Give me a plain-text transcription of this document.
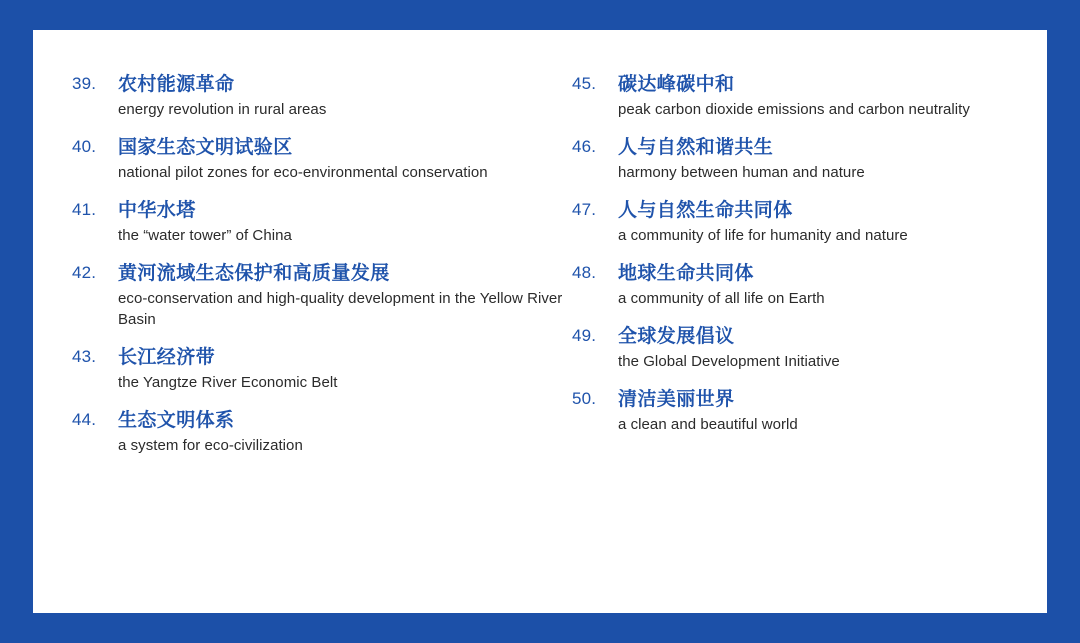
39.	农村能源革命
energy revolution in rural areas
40.	国家生态文明试验区
national pilot zones for eco-environmental conservation
41.	中华水塔
the “water tower” of China
42.	黄河流域生态保护和高质量发展
eco-conservation and high-quality development in the Yellow River Basin
43.	长江经济带
the Yangtze River Economic Belt
44.	生态文明体系
a system for eco-civilization
45.	碳达峰碳中和
peak carbon dioxide emissions and carbon neutrality
46.	人与自然和谐共生
harmony between human and nature
47.	人与自然生命共同体
a community of life for humanity and nature
48.	地球生命共同体
a community of all life on Earth
49.	全球发展倡议
the Global Development Initiative
50.	清洁美丽世界
a clean and beautiful world
